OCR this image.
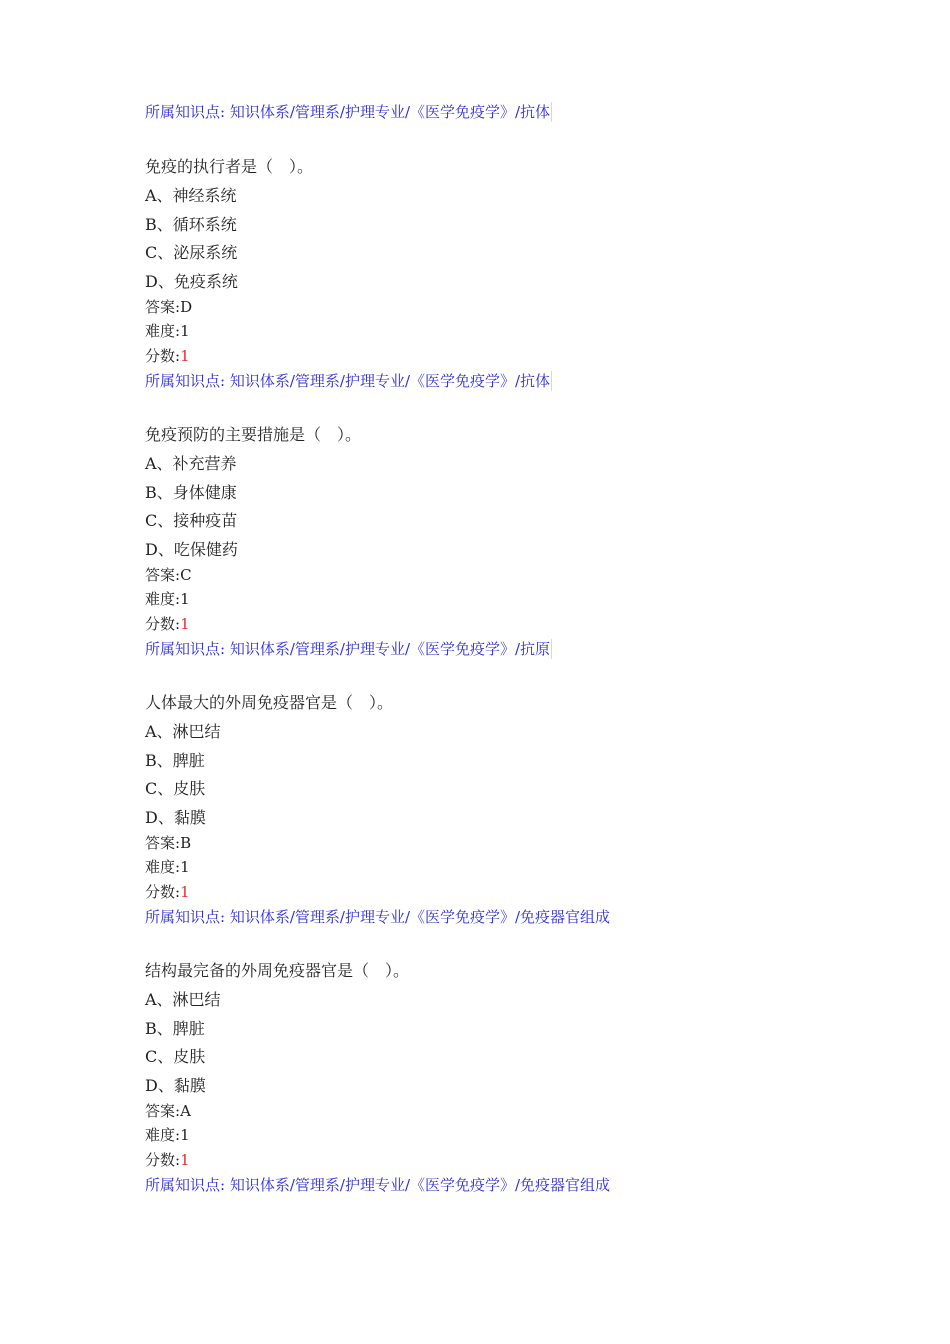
所属知识点: 知识体系/管理系/护理专业/《医学免疫学》/抗体
免疫的执行者是（　）。
A、神经系统
B、循环系统
C、泌尿系统
D、免疫系统
答案:D
难度:1
分数:1
所属知识点: 知识体系/管理系/护理专业/《医学免疫学》/抗体
免疫预防的主要措施是（　）。
A、补充营养
B、身体健康
C、接种疫苗
D、吃保健药
答案:C
难度:1
分数:1
所属知识点: 知识体系/管理系/护理专业/《医学免疫学》/抗原
人体最大的外周免疫器官是（　）。
A、淋巴结
B、脾脏
C、皮肤
D、黏膜
答案:B
难度:1
分数:1
所属知识点: 知识体系/管理系/护理专业/《医学免疫学》/免疫器官组成
结构最完备的外周免疫器官是（　）。
A、淋巴结
B、脾脏
C、皮肤
D、黏膜
答案:A
难度:1
分数:1
所属知识点: 知识体系/管理系/护理专业/《医学免疫学》/免疫器官组成
